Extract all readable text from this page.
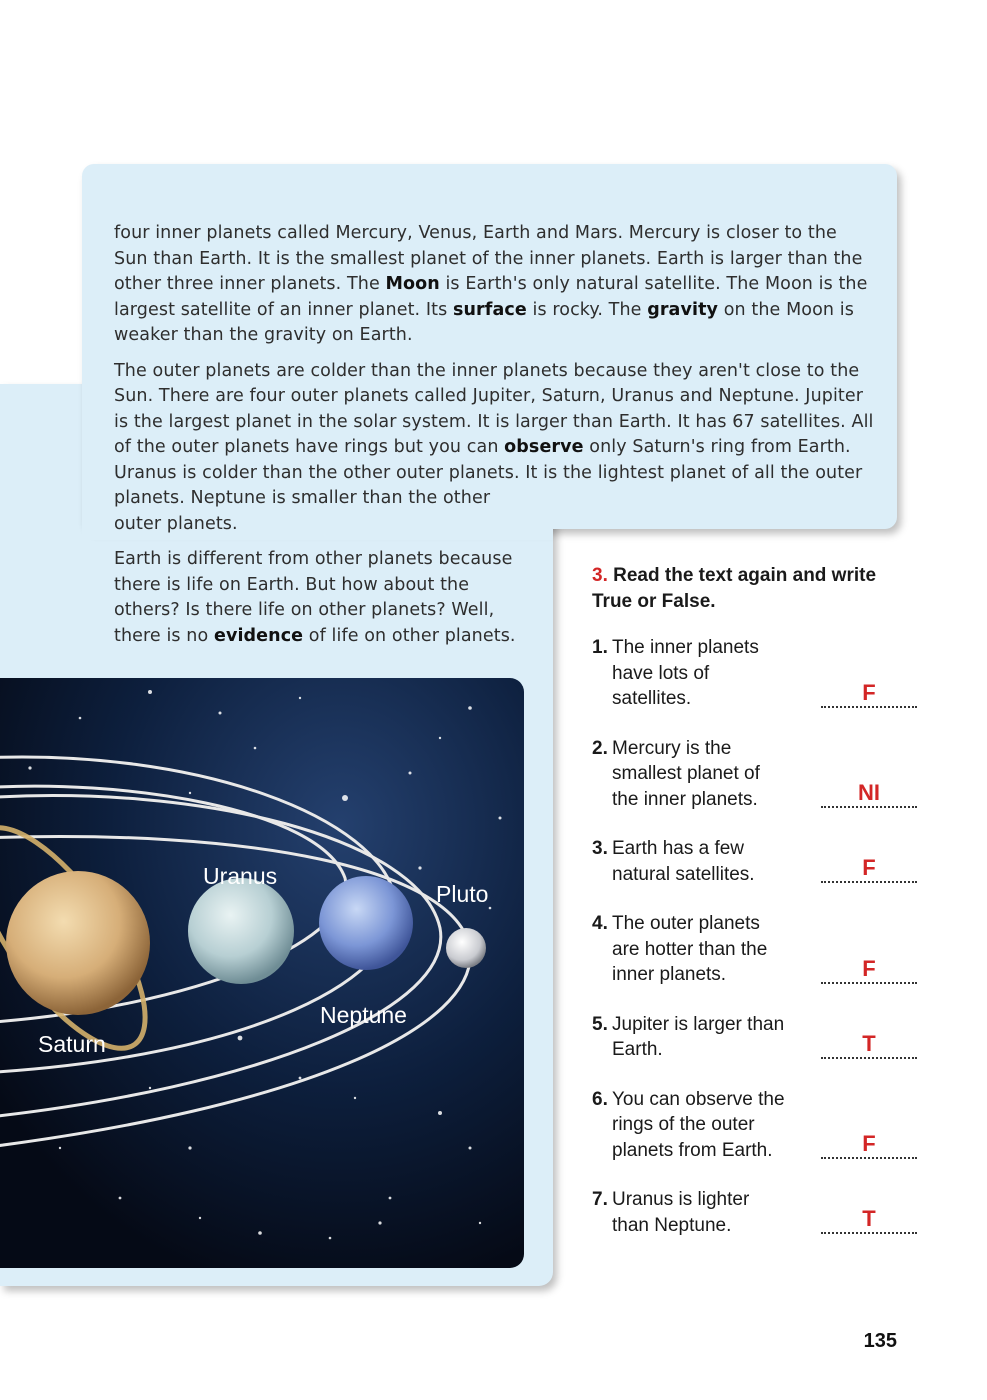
four inner planets called Mercury, Venus, Earth and Mars. Mercury is closer to the Sun than Earth. It is the smallest planet of the inner planets. Earth is larger than the other three inner planets. The Moon is Earth's only natural satellite. The Moon is the largest satellite of an inner planet. Its surface is rocky. The gravity on the Moon is weaker than the gravity on Earth.

The outer planets are colder than the inner planets because they aren't close to the Sun. There are four outer planets called Jupiter, Saturn, Uranus and Neptune. Jupiter is the largest planet in the solar system. It is larger than Earth. It has 67 satellites. All of the outer planets have rings but you can observe only Saturn's ring from Earth. Uranus is colder than the other outer planets. It is the lightest planet of all the outer planets. Neptune is smaller than the other
outer planets.

Earth is different from other planets because there is life on Earth. But how about the others? Is there life on other planets? Well, there is no evidence of life on other planets.

Uranus
Pluto
Neptune
Saturn

3. Read the text again and write True or False.

1. The inner planets have lots of satellites.	F
2. Mercury is the smallest planet of the inner planets.	NI
3. Earth has a few natural satellites.	F
4. The outer planets are hotter than the inner planets.	F
5. Jupiter is larger than Earth.	T
6. You can observe the rings of the outer planets from Earth.	F
7. Uranus is lighter than Neptune.	T
135
